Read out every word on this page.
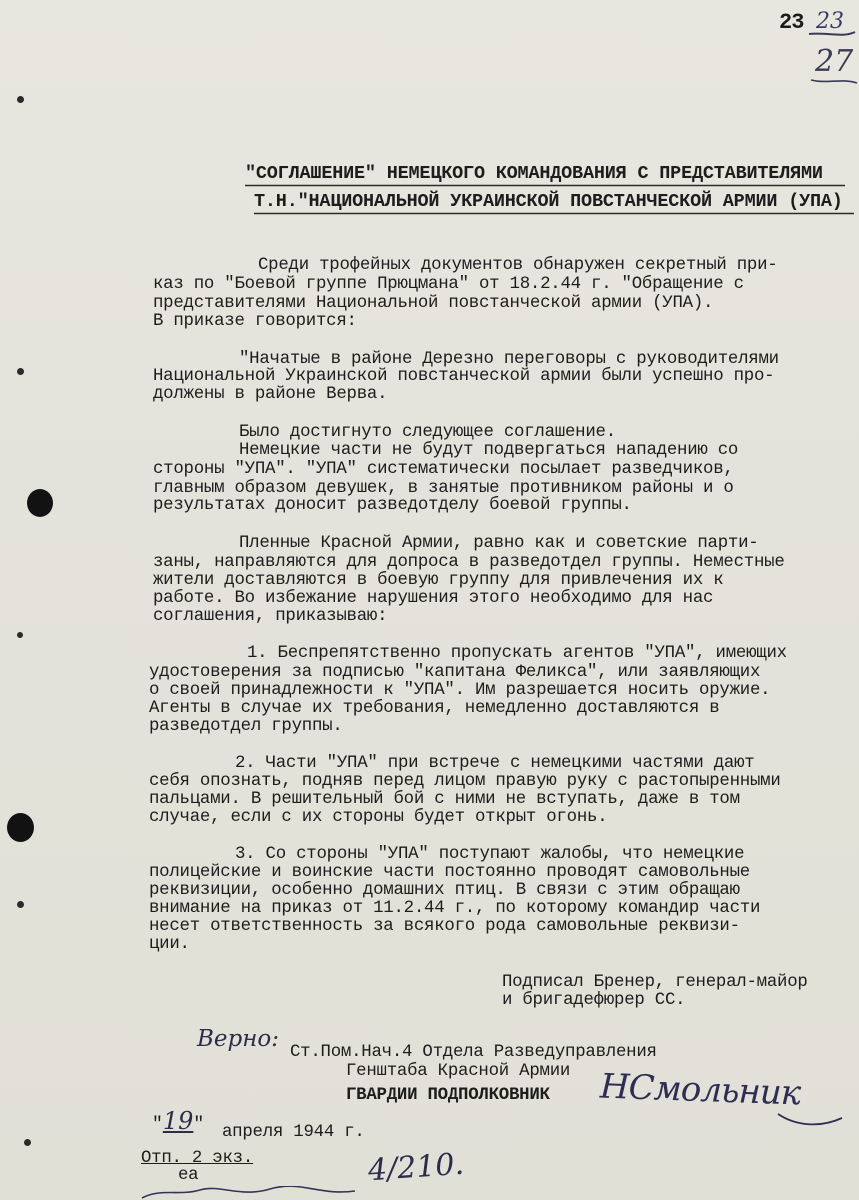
23 23
27
"СОГЛАШЕНИЕ" НЕМЕЦКОГО КОМАНДОВАНИЯ С ПРЕДСТАВИТЕЛЯМИ
Т.Н."НАЦИОНАЛЬНОЙ УКРАИНСКОЙ ПОВСТАНЧЕСКОЙ АРМИИ (УПА)
Среди трофейных документов обнаружен секретный при-
каз по "Боевой группе Прюцмана" от 18.2.44 г. "Обращение с
представителями Национальной повстанческой армии (УПА).
В приказе говорится:
"Начатые в районе Дерезно переговоры с руководителями
Национальной Украинской повстанческой армии были успешно про-
должены в районе Верва.
Было достигнуто следующее соглашение.
Немецкие части не будут подвергаться нападению со
стороны "УПА". "УПА" систематически посылает разведчиков,
главным образом девушек, в занятые противником районы и о
результатах доносит разведотделу боевой группы.
Пленные Красной Армии, равно как и советские парти-
заны, направляются для допроса в разведотдел группы. Неместные
жители доставляются в боевую группу для привлечения их к
работе. Во избежание нарушения этого необходимо для нас
соглашения, приказываю:
1. Беспрепятственно пропускать агентов "УПА", имеющих
удостоверения за подписью "капитана Феликса", или заявляющих
о своей принадлежности к "УПА". Им разрешается носить оружие.
Агенты в случае их требования, немедленно доставляются в
разведотдел группы.
2. Части "УПА" при встрече с немецкими частями дают
себя опознать, подняв перед лицом правую руку с растопыренными
пальцами. В решительный бой с ними не вступать, даже в том
случае, если с их стороны будет открыт огонь.
3. Со стороны "УПА" поступают жалобы, что немецкие
полицейские и воинские части постоянно проводят самовольные
реквизиции, особенно домашних птиц. В связи с этим обращаю
внимание на приказ от 11.2.44 г., по которому командир части
несет ответственность за всякого рода самовольные реквизи-
ции.
Подписал Бренер, генерал-майор
и бригадефюрер СС.
Верно:
Ст.Пом.Нач.4 Отдела Разведуправления
Генштаба Красной Армии
ГВАРДИИ ПОДПОЛКОВНИК НСмольник
"19" апреля 1944 г.
Отп. 2 экз.
еа	4/210.
